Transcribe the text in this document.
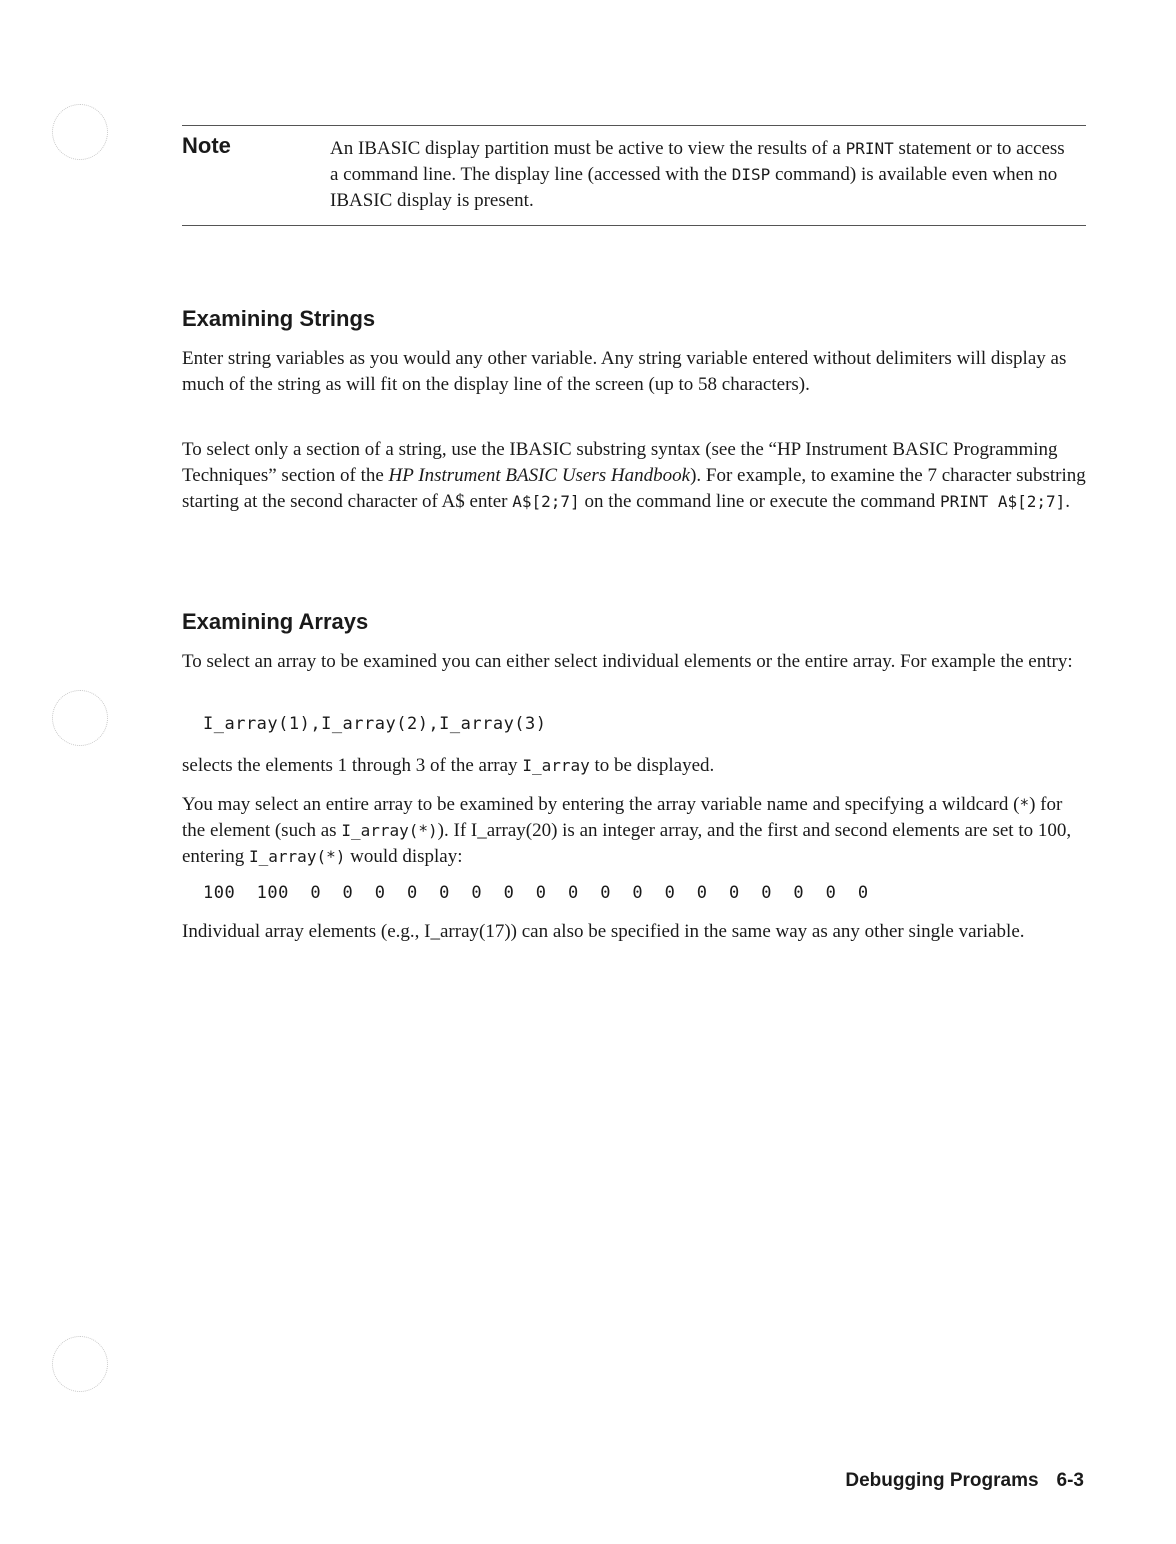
Note	An IBASIC display partition must be active to view the results of a PRINT statement or to access a command line. The display line (accessed with the DISP command) is available even when no IBASIC display is present.
Examining Strings
Enter string variables as you would any other variable. Any string variable entered without delimiters will display as much of the string as will fit on the display line of the screen (up to 58 characters).
To select only a section of a string, use the IBASIC substring syntax (see the “HP Instrument BASIC Programming Techniques” section of the HP Instrument BASIC Users Handbook). For example, to examine the 7 character substring starting at the second character of A$ enter A$[2;7] on the command line or execute the command PRINT A$[2;7].
Examining Arrays
To select an array to be examined you can either select individual elements or the entire array. For example the entry:
I_array(1),I_array(2),I_array(3)
selects the elements 1 through 3 of the array I_array to be displayed.
You may select an entire array to be examined by entering the array variable name and specifying a wildcard (*) for the element (such as I_array(*)). If I_array(20) is an integer array, and the first and second elements are set to 100, entering I_array(*) would display:
100  100  0  0  0  0  0  0  0  0  0  0  0  0  0  0  0  0  0  0
Individual array elements (e.g., I_array(17)) can also be specified in the same way as any other single variable.
Debugging Programs 6-3
